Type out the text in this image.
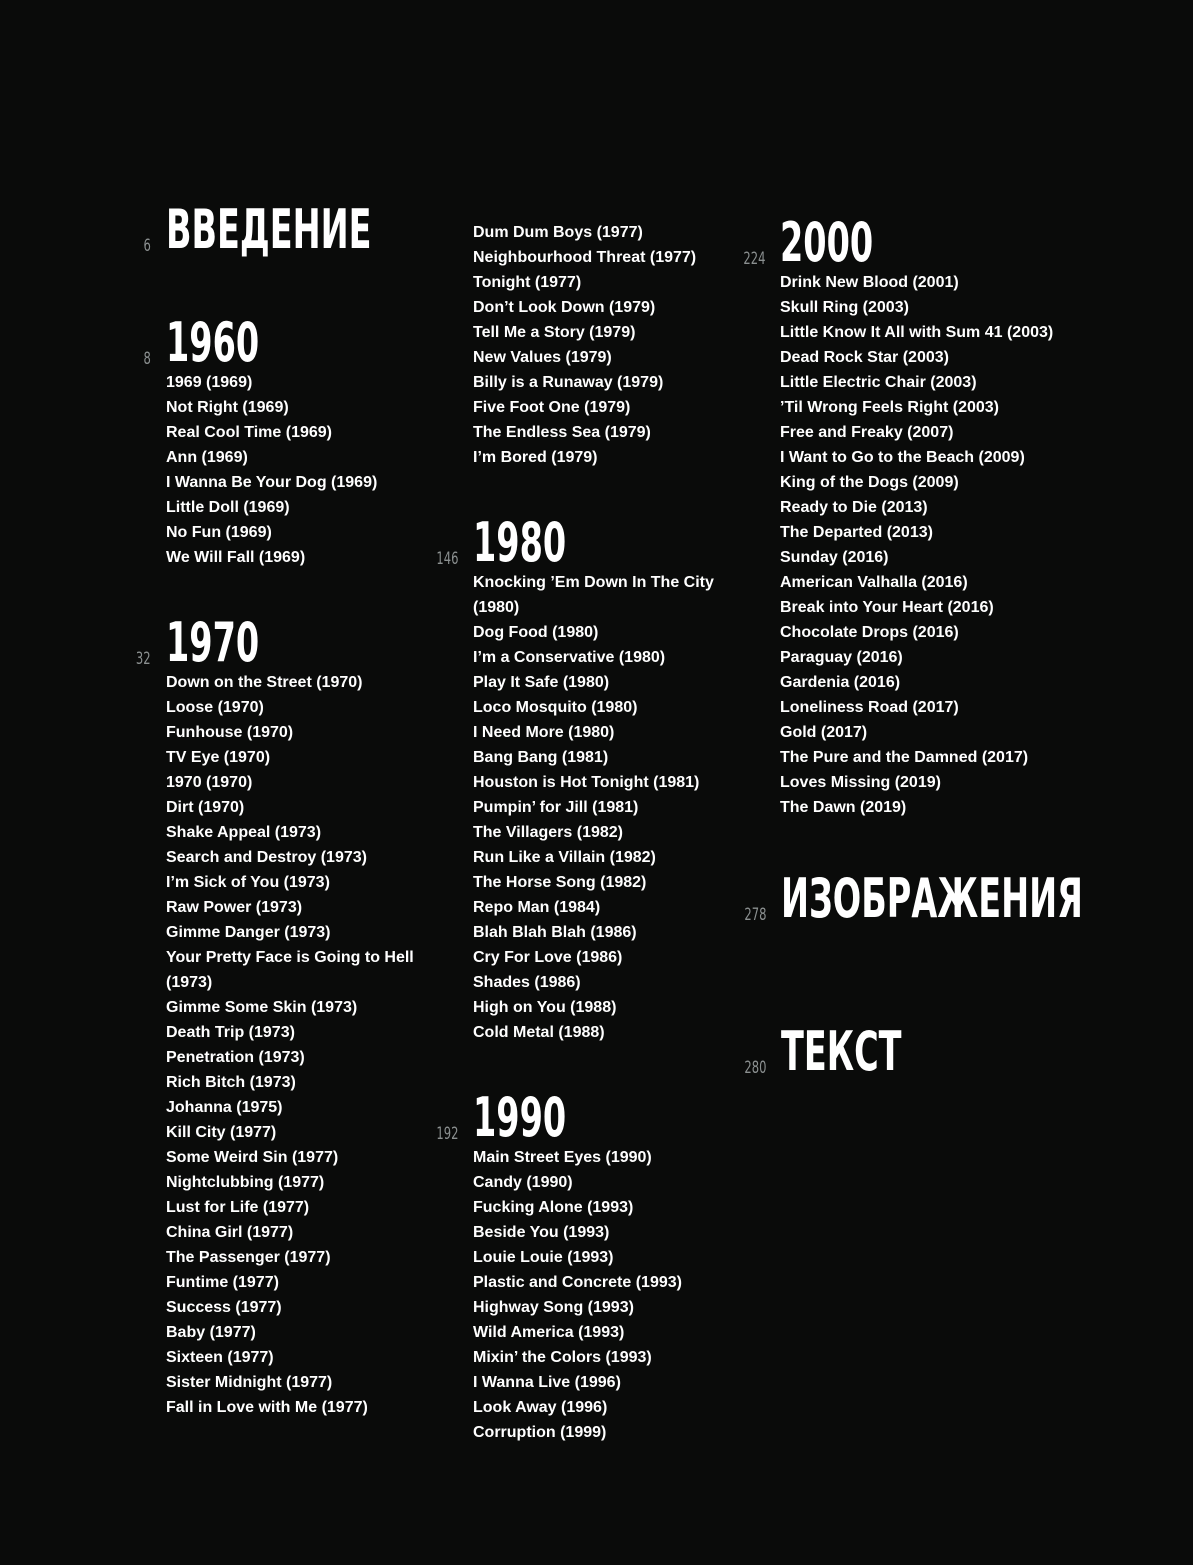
6 ВВЕДЕНИЕ
8 1960
1969 (1969)
Not Right (1969)
Real Cool Time (1969)
Ann (1969)
I Wanna Be Your Dog (1969)
Little Doll (1969)
No Fun (1969)
We Will Fall (1969)
32 1970
Down on the Street (1970)
Loose (1970)
Funhouse (1970)
TV Eye (1970)
1970 (1970)
Dirt (1970)
Shake Appeal (1973)
Search and Destroy (1973)
I’m Sick of You (1973)
Raw Power (1973)
Gimme Danger (1973)
Your Pretty Face is Going to Hell (1973)
Gimme Some Skin (1973)
Death Trip (1973)
Penetration (1973)
Rich Bitch (1973)
Johanna (1975)
Kill City (1977)
Some Weird Sin (1977)
Nightclubbing (1977)
Lust for Life (1977)
China Girl (1977)
The Passenger (1977)
Funtime (1977)
Success (1977)
Baby (1977)
Sixteen (1977)
Sister Midnight (1977)
Fall in Love with Me (1977)
Dum Dum Boys (1977)
Neighbourhood Threat (1977)
Tonight (1977)
Don’t Look Down (1979)
Tell Me a Story (1979)
New Values (1979)
Billy is a Runaway (1979)
Five Foot One (1979)
The Endless Sea (1979)
I’m Bored (1979)
146 1980
Knocking ’Em Down In The City (1980)
Dog Food (1980)
I’m a Conservative (1980)
Play It Safe (1980)
Loco Mosquito (1980)
I Need More (1980)
Bang Bang (1981)
Houston is Hot Tonight (1981)
Pumpin’ for Jill (1981)
The Villagers (1982)
Run Like a Villain (1982)
The Horse Song (1982)
Repo Man (1984)
Blah Blah Blah (1986)
Cry For Love (1986)
Shades (1986)
High on You (1988)
Cold Metal (1988)
192 1990
Main Street Eyes (1990)
Candy (1990)
Fucking Alone (1993)
Beside You (1993)
Louie Louie (1993)
Plastic and Concrete (1993)
Highway Song (1993)
Wild America (1993)
Mixin’ the Colors (1993)
I Wanna Live (1996)
Look Away (1996)
Corruption (1999)
224 2000
Drink New Blood (2001)
Skull Ring (2003)
Little Know It All with Sum 41 (2003)
Dead Rock Star (2003)
Little Electric Chair (2003)
’Til Wrong Feels Right (2003)
Free and Freaky (2007)
I Want to Go to the Beach (2009)
King of the Dogs (2009)
Ready to Die (2013)
The Departed (2013)
Sunday (2016)
American Valhalla (2016)
Break into Your Heart (2016)
Chocolate Drops (2016)
Paraguay (2016)
Gardenia (2016)
Loneliness Road (2017)
Gold (2017)
The Pure and the Damned (2017)
Loves Missing (2019)
The Dawn (2019)
278 ИЗОБРАЖЕНИЯ
280 ТЕКСТ
